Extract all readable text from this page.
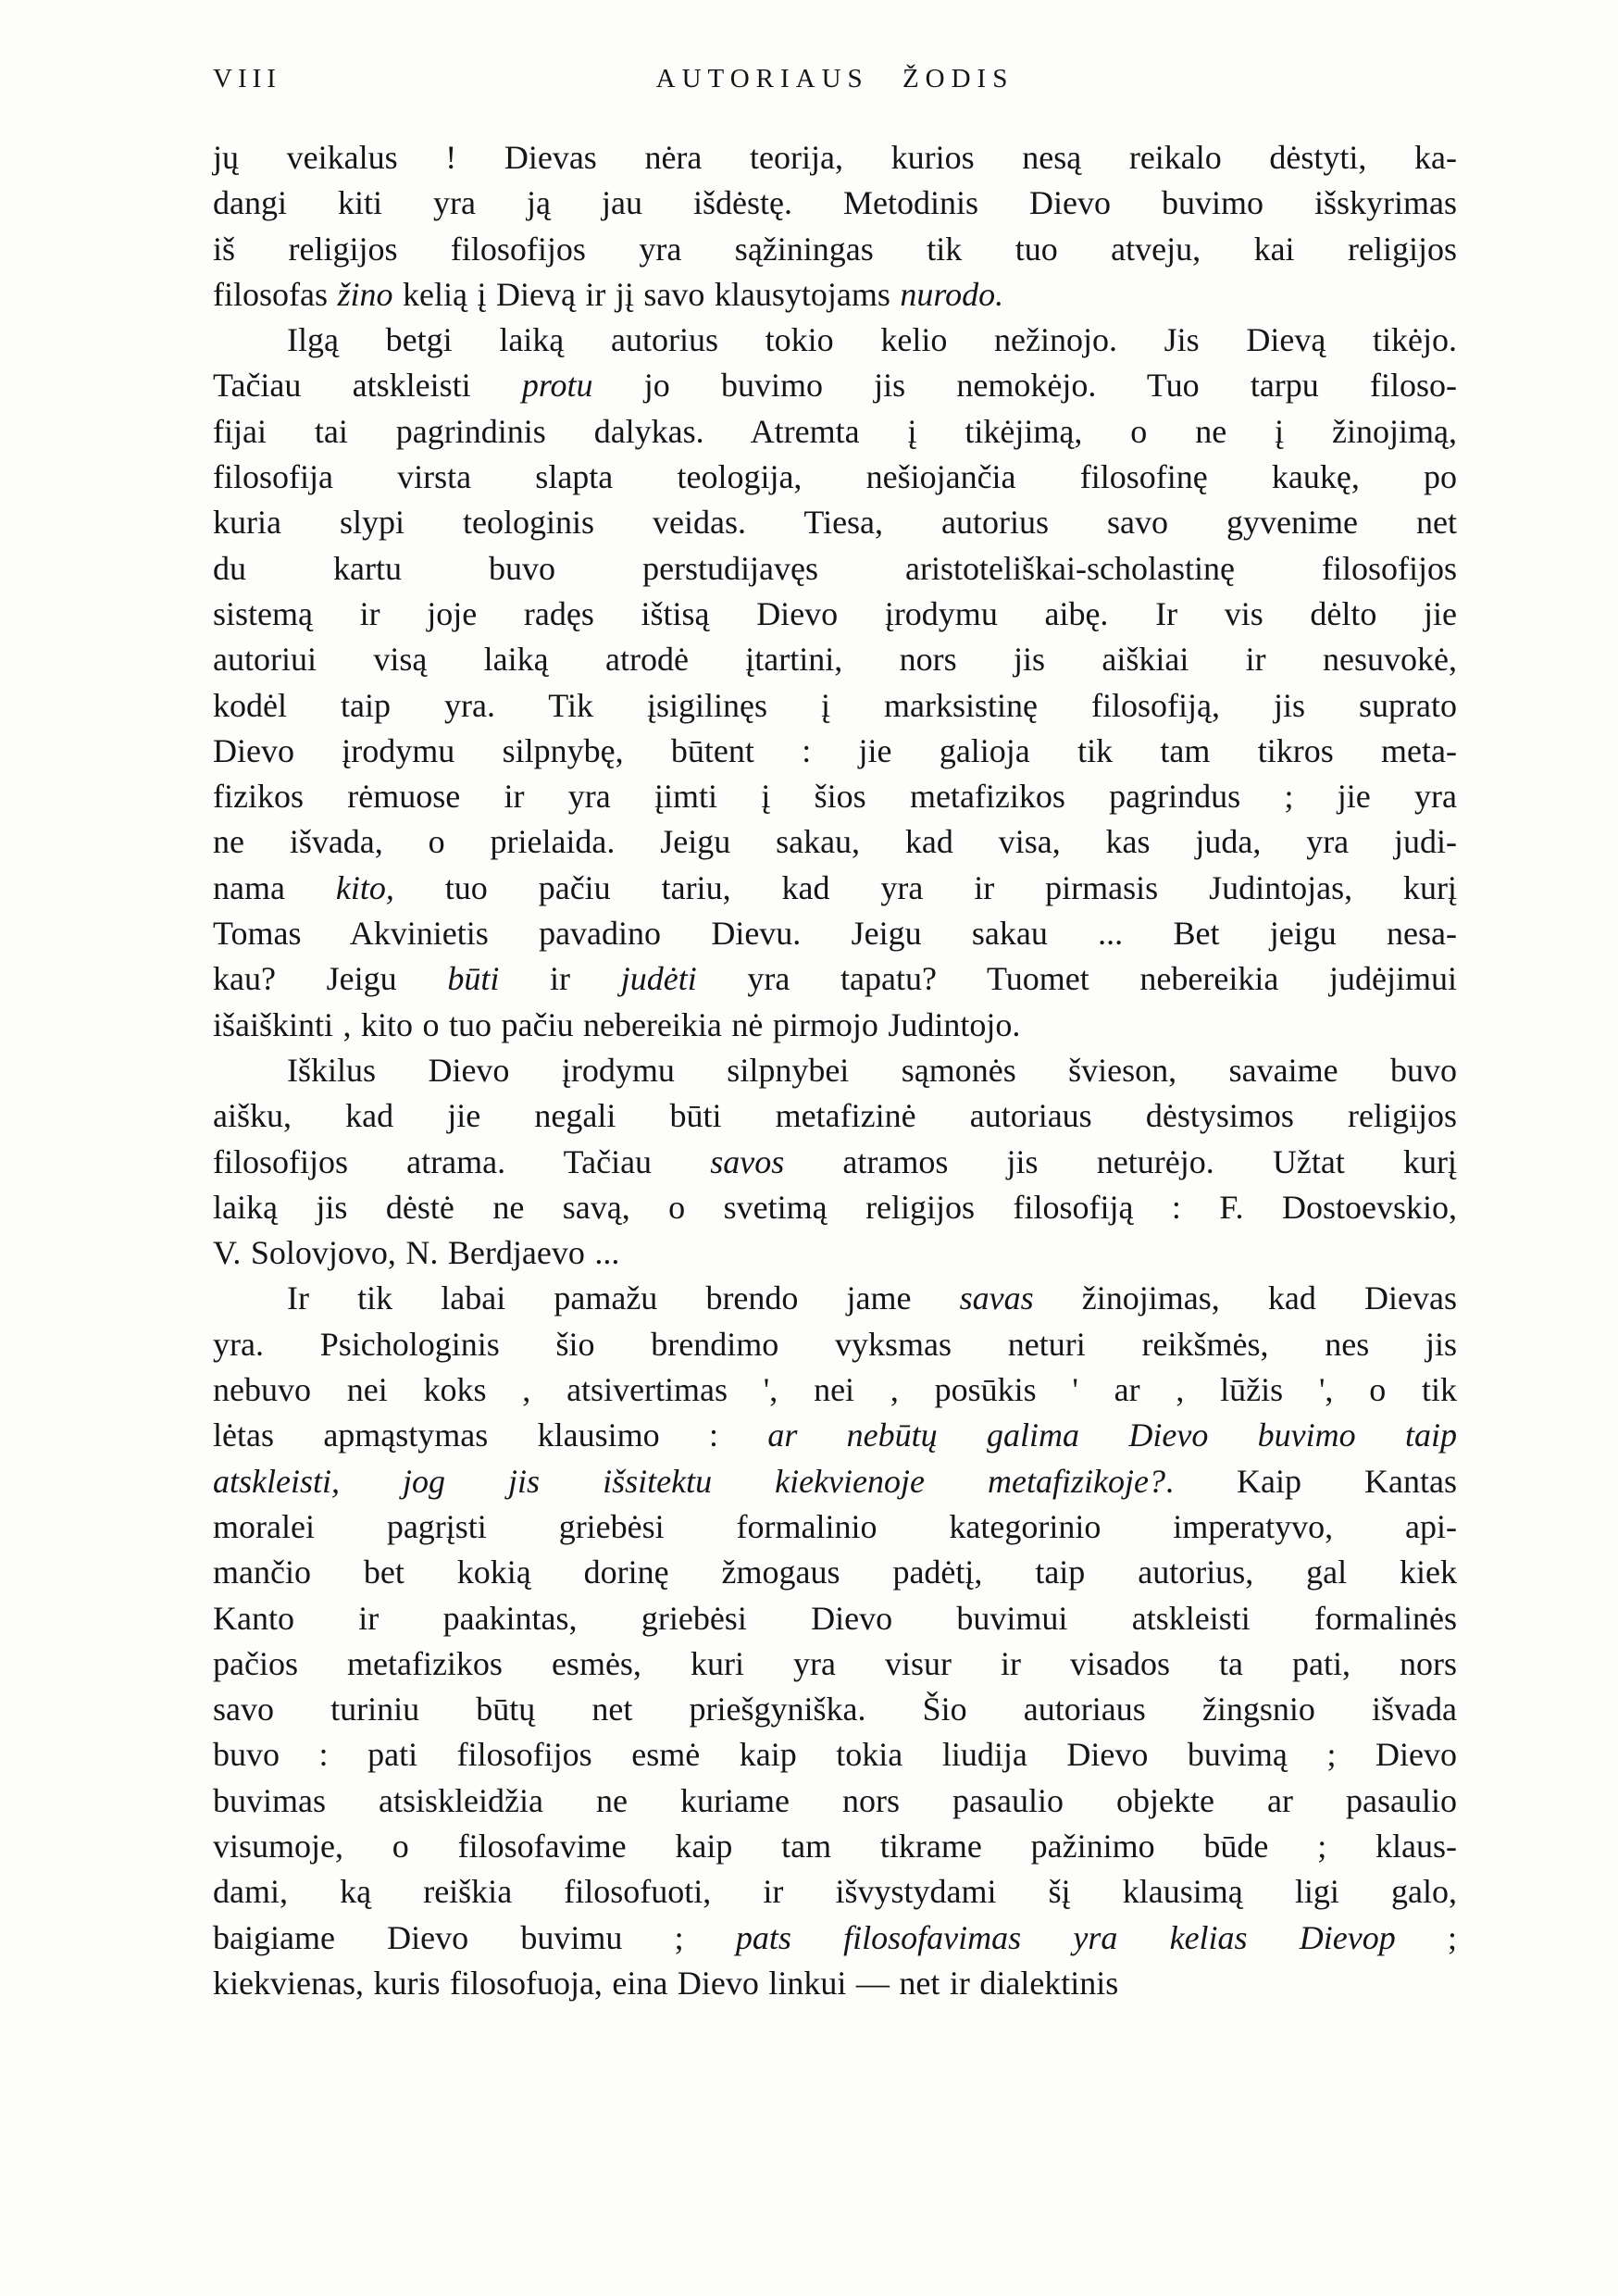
VIII	AUTORIAUS ŽODIS

jų veikalus ! Dievas nėra teorija, kurios nesą reikalo dėstyti, ka-

dangi kiti yra ją jau išdėstę. Metodinis Dievo buvimo išskyrimas

iš religijos filosofijos yra sąžiningas tik tuo atveju, kai religijos

filosofas žino kelią į Dievą ir jį savo klausytojams nurodo.

Ilgą betgi laiką autorius tokio kelio nežinojo. Jis Dievą tikėjo.

Tačiau atskleisti protu jo buvimo jis nemokėjo. Tuo tarpu filoso-

fijai tai pagrindinis dalykas. Atremta į tikėjimą, o ne į žinojimą,

filosofija virsta slapta teologija, nešiojančia filosofinę kaukę, po

kuria slypi teologinis veidas. Tiesa, autorius savo gyvenime net

du kartu buvo perstudijavęs aristoteliškai-scholastinę filosofijos

sistemą ir joje radęs ištisą Dievo įrodymu aibę. Ir vis dėlto jie

autoriui visą laiką atrodė įtartini, nors jis aiškiai ir nesuvokė,

kodėl taip yra. Tik įsigilinęs į marksistinę filosofiją, jis suprato

Dievo įrodymu silpnybę, būtent : jie galioja tik tam tikros meta-

fizikos rėmuose ir yra įimti į šios metafizikos pagrindus ; jie yra

ne išvada, o prielaida. Jeigu sakau, kad visa, kas juda, yra judi-

nama kito, tuo pačiu tariu, kad yra ir pirmasis Judintojas, kurį

Tomas Akvinietis pavadino Dievu. Jeigu sakau ... Bet jeigu nesa-

kau? Jeigu būti ir judėti yra tapatu? Tuomet nebereikia judėjimui

išaiškinti , kito o tuo pačiu nebereikia nė pirmojo Judintojo.

Iškilus Dievo įrodymu silpnybei sąmonės švieson, savaime buvo

aišku, kad jie negali būti metafizinė autoriaus dėstysimos religijos

filosofijos atrama. Tačiau savos atramos jis neturėjo. Užtat kurį

laiką jis dėstė ne savą, o svetimą religijos filosofiją : F. Dostoevskio,

V. Solovjovo, N. Berdjaevo ...

Ir tik labai pamažu brendo jame savas žinojimas, kad Dievas

yra. Psichologinis šio brendimo vyksmas neturi reikšmės, nes jis

nebuvo nei koks , atsivertimas ', nei , posūkis ' ar , lūžis ', o tik

lėtas apmąstymas klausimo : ar nebūtų galima Dievo buvimo taip

atskleisti, jog jis išsitektu kiekvienoje metafizikoje?. Kaip Kantas

moralei pagrįsti griebėsi formalinio kategorinio imperatyvo, api-

mančio bet kokią dorinę žmogaus padėtį, taip autorius, gal kiek

Kanto ir paakintas, griebėsi Dievo buvimui atskleisti formalinės

pačios metafizikos esmės, kuri yra visur ir visados ta pati, nors

savo turiniu būtų net priešgyniška. Šio autoriaus žingsnio išvada

buvo : pati filosofijos esmė kaip tokia liudija Dievo buvimą ; Dievo

buvimas atsiskleidžia ne kuriame nors pasaulio objekte ar pasaulio

visumoje, o filosofavime kaip tam tikrame pažinimo būde ; klaus-

dami, ką reiškia filosofuoti, ir išvystydami šį klausimą ligi galo,

baigiame Dievo buvimu ; pats filosofavimas yra kelias Dievop ;

kiekvienas, kuris filosofuoja, eina Dievo linkui — net ir dialektinis
